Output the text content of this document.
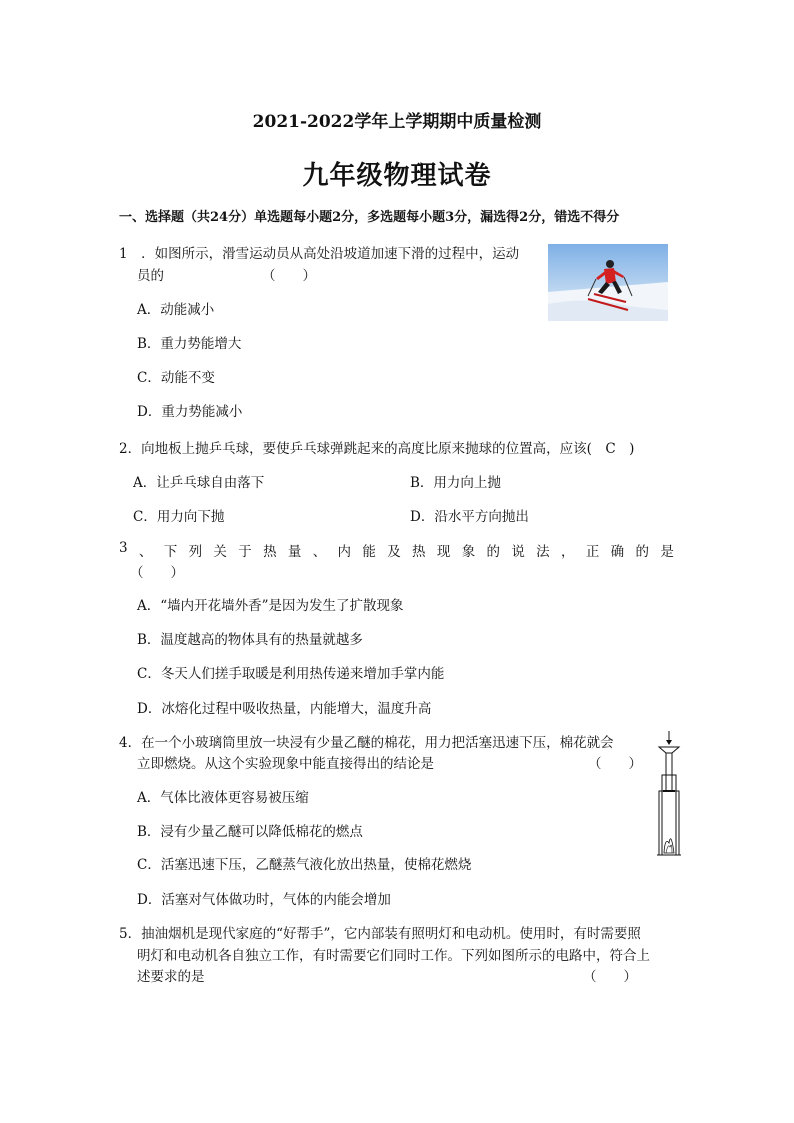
2021-2022学年上学期期中质量检测
九年级物理试卷
一、选择题（共24分）单选题每小题2分，多选题每小题3分，漏选得2分，错选不得分
1　．如图所示，滑雪运动员从高处沿坡道加速下滑的过程中，运动
员的	（　　）
A．动能减小
B．重力势能增大
C．动能不变
D．重力势能减小
2．向地板上抛乒乓球，要使乒乓球弹跳起来的高度比原来抛球的位置高，应该(　C　)
A．让乒乓球自由落下	B．用力向上抛
C．用力向下抛	D．沿水平方向抛出
3 、 下 列 关 于 热 量 、 内 能 及 热 现 象 的 说 法 ， 正 确 的 是
（　　）
A．“墙内开花墙外香”是因为发生了扩散现象
B．温度越高的物体具有的热量就越多
C．冬天人们搓手取暖是利用热传递来增加手掌内能
D．冰熔化过程中吸收热量，内能增大，温度升高
4．在一个小玻璃筒里放一块浸有少量乙醚的棉花，用力把活塞迅速下压，棉花就会
立即燃烧。从这个实验现象中能直接得出的结论是	（　　）
A．气体比液体更容易被压缩
B．浸有少量乙醚可以降低棉花的燃点
C．活塞迅速下压，乙醚蒸气液化放出热量，使棉花燃烧
D．活塞对气体做功时，气体的内能会增加
5．抽油烟机是现代家庭的“好帮手”，它内部装有照明灯和电动机。使用时，有时需要照
明灯和电动机各自独立工作，有时需要它们同时工作。下列如图所示的电路中，符合上
述要求的是	（　　）
